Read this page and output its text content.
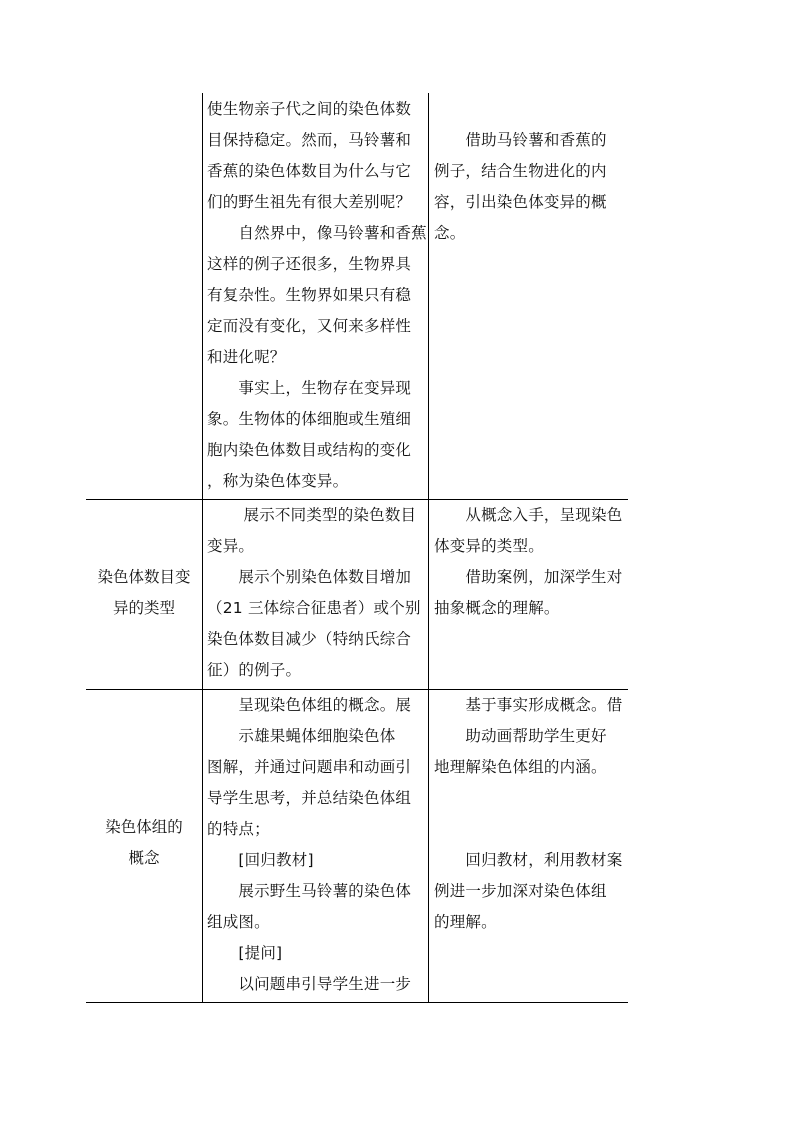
使生物亲子代之间的染色体数

目保持稳定。然而，马铃薯和

香蕉的染色体数目为什么与它

们的野生祖先有很大差别呢？

　　自然界中，像马铃薯和香蕉

这样的例子还很多，生物界具

有复杂性。生物界如果只有稳

定而没有变化，又何来多样性

和进化呢？

　　事实上，生物存在变异现

象。生物体的体细胞或生殖细

胞内染色体数目或结构的变化

，称为染色体变异。

　　借助马铃薯和香蕉的

例子，结合生物进化的内

容，引出染色体变异的概

念。

染色体数目变

异的类型

　　 展示不同类型的染色数目

变异。

　　展示个别染色体数目增加

（21 三体综合征患者）或个别

染色体数目减少（特纳氏综合

征）的例子。

　　从概念入手，呈现染色

体变异的类型。

　　借助案例，加深学生对

抽象概念的理解。

染色体组的

概念

　　呈现染色体组的概念。展

　　示雄果蝇体细胞染色体

图解，并通过问题串和动画引

导学生思考，并总结染色体组

的特点；

　　[回归教材]

　　展示野生马铃薯的染色体

组成图。

　　[提问]

　　以问题串引导学生进一步

　　基于事实形成概念。借

　　助动画帮助学生更好

地理解染色体组的内涵。

　　回归教材，利用教材案

例进一步加深对染色体组

的理解。
